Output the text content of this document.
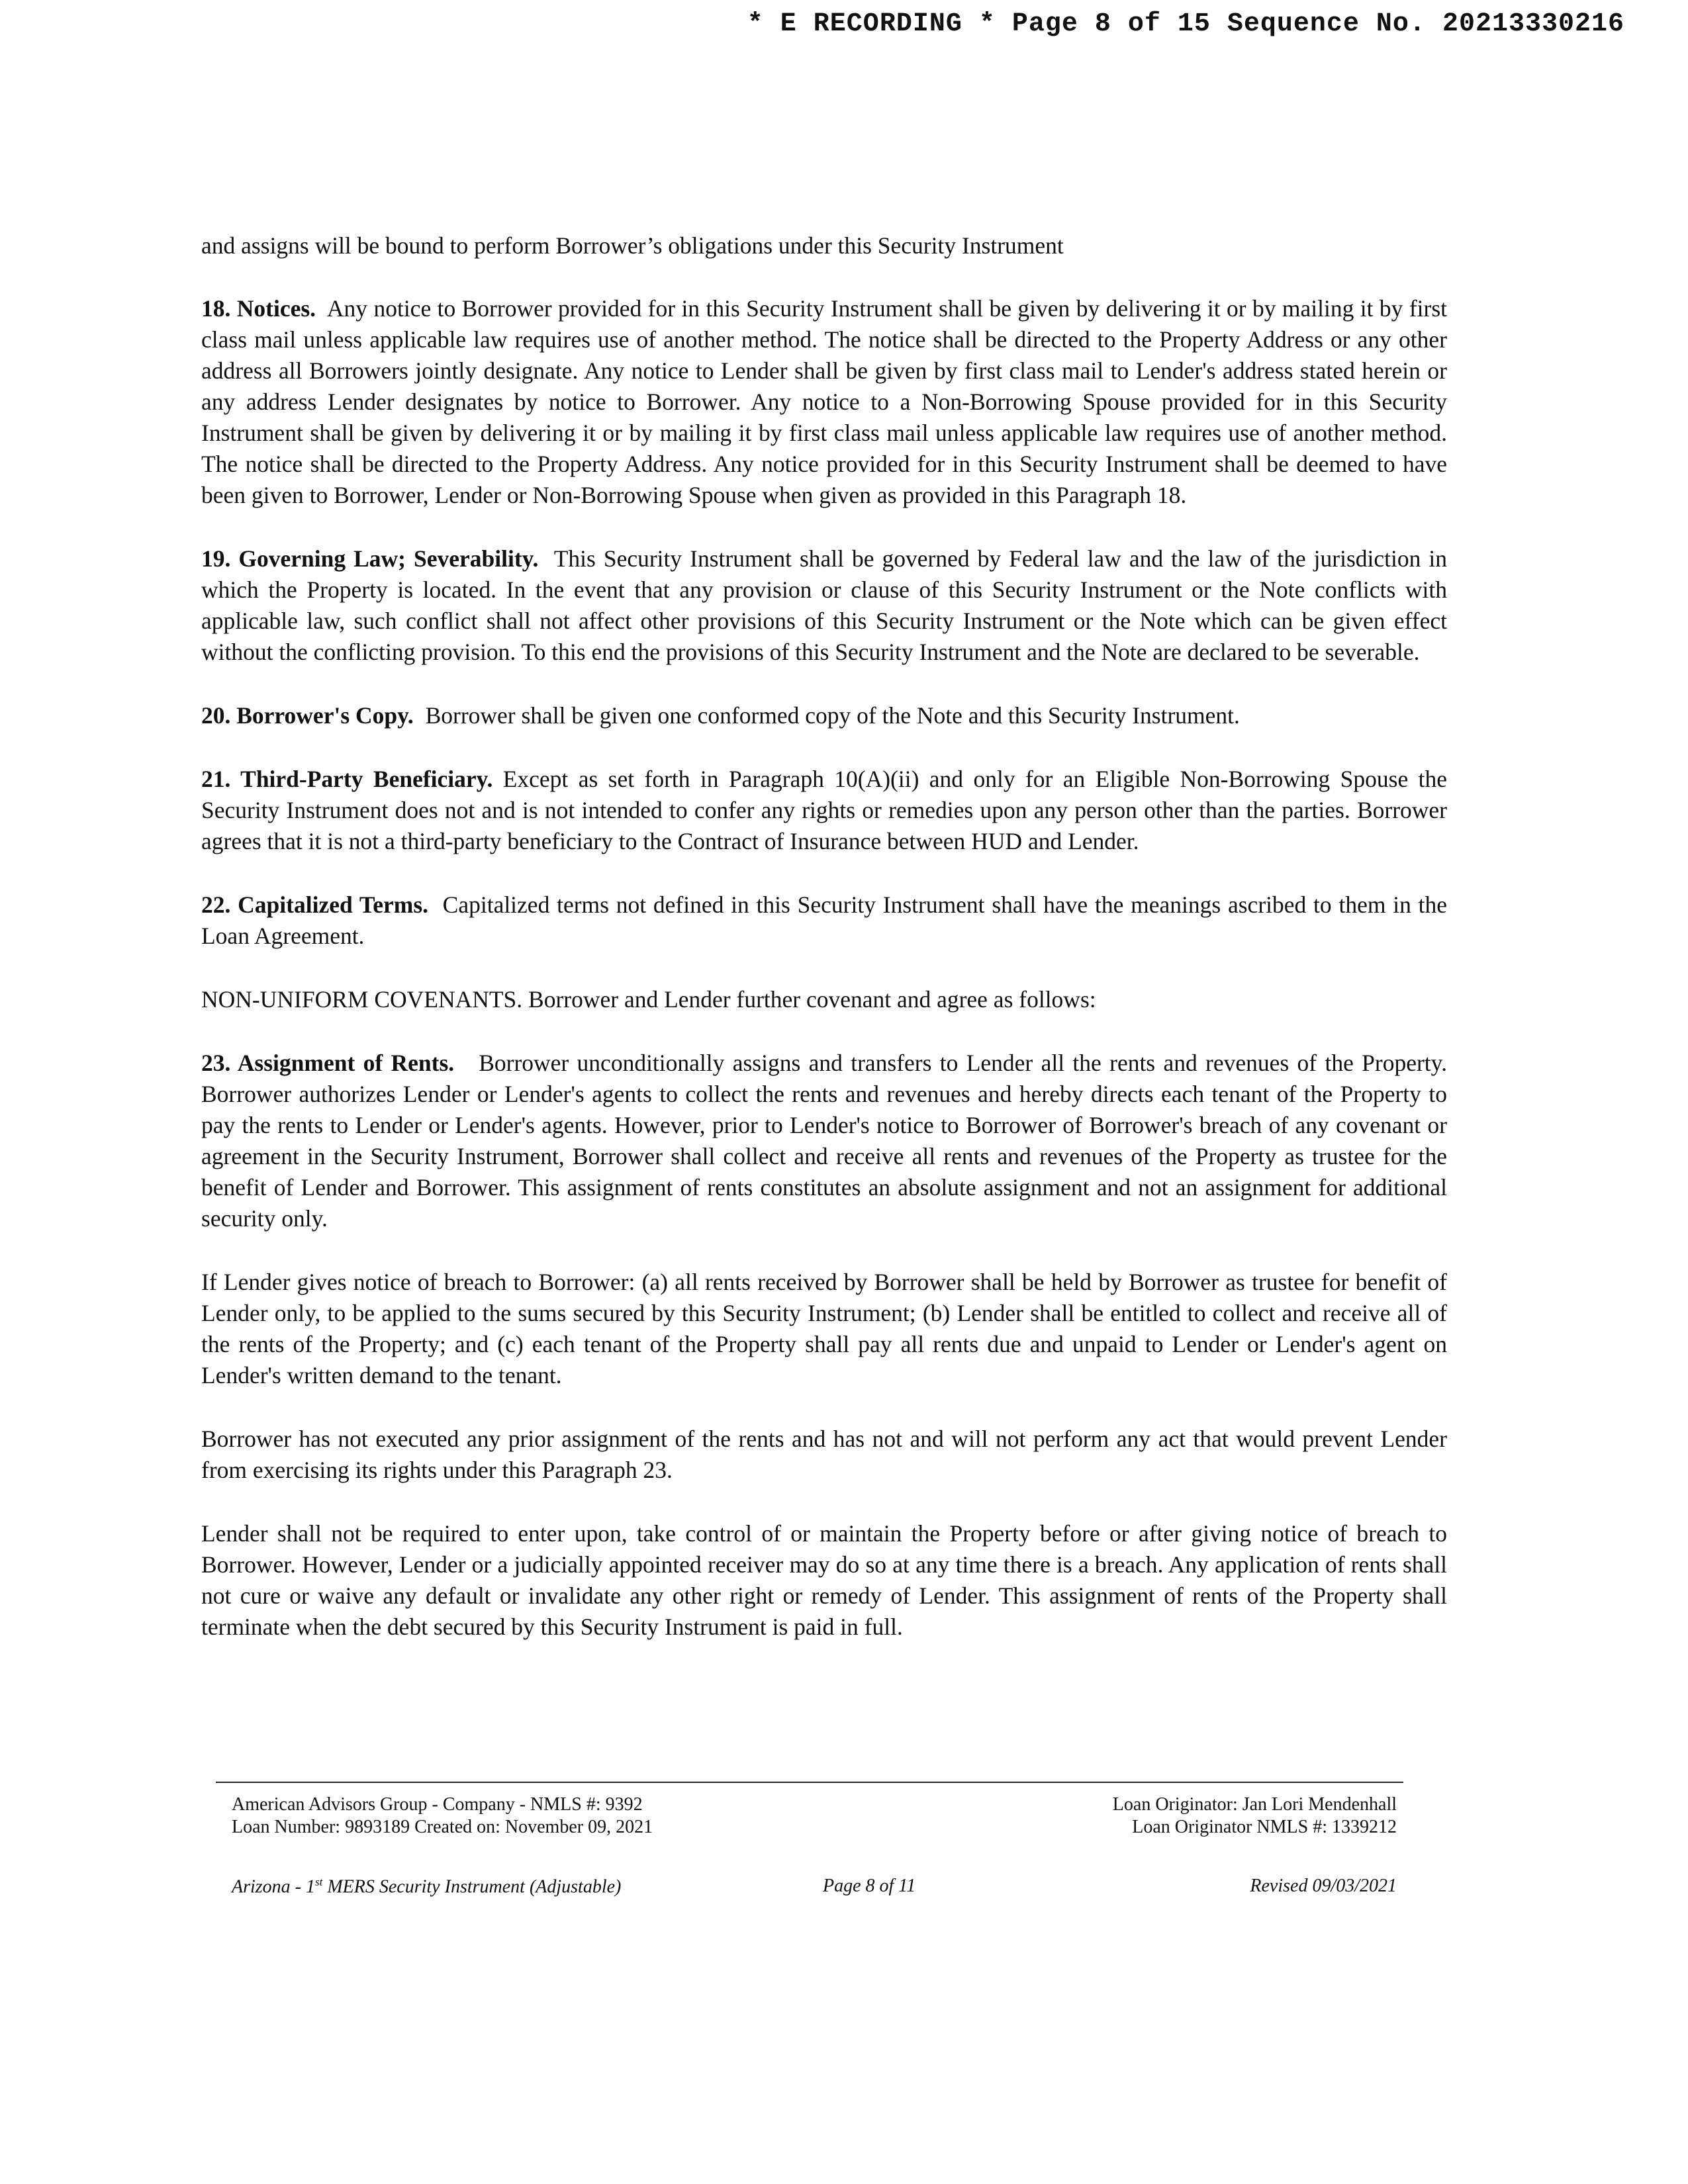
* E RECORDING * Page 8 of 15 Sequence No. 20213330216

and assigns will be bound to perform Borrower’s obligations under this Security Instrument

18. Notices. Any notice to Borrower provided for in this Security Instrument shall be given by delivering it or by mailing it by first class mail unless applicable law requires use of another method. The notice shall be directed to the Property Address or any other address all Borrowers jointly designate. Any notice to Lender shall be given by first class mail to Lender's address stated herein or any address Lender designates by notice to Borrower. Any notice to a Non-Borrowing Spouse provided for in this Security Instrument shall be given by delivering it or by mailing it by first class mail unless applicable law requires use of another method. The notice shall be directed to the Property Address. Any notice provided for in this Security Instrument shall be deemed to have been given to Borrower, Lender or Non-Borrowing Spouse when given as provided in this Paragraph 18.

19. Governing Law; Severability. This Security Instrument shall be governed by Federal law and the law of the jurisdiction in which the Property is located. In the event that any provision or clause of this Security Instrument or the Note conflicts with applicable law, such conflict shall not affect other provisions of this Security Instrument or the Note which can be given effect without the conflicting provision. To this end the provisions of this Security Instrument and the Note are declared to be severable.

20. Borrower's Copy. Borrower shall be given one conformed copy of the Note and this Security Instrument.

21. Third-Party Beneficiary. Except as set forth in Paragraph 10(A)(ii) and only for an Eligible Non-Borrowing Spouse the Security Instrument does not and is not intended to confer any rights or remedies upon any person other than the parties. Borrower agrees that it is not a third-party beneficiary to the Contract of Insurance between HUD and Lender.

22. Capitalized Terms. Capitalized terms not defined in this Security Instrument shall have the meanings ascribed to them in the Loan Agreement.

NON-UNIFORM COVENANTS. Borrower and Lender further covenant and agree as follows:

23. Assignment of Rents. Borrower unconditionally assigns and transfers to Lender all the rents and revenues of the Property. Borrower authorizes Lender or Lender's agents to collect the rents and revenues and hereby directs each tenant of the Property to pay the rents to Lender or Lender's agents. However, prior to Lender's notice to Borrower of Borrower's breach of any covenant or agreement in the Security Instrument, Borrower shall collect and receive all rents and revenues of the Property as trustee for the benefit of Lender and Borrower. This assignment of rents constitutes an absolute assignment and not an assignment for additional security only.

If Lender gives notice of breach to Borrower: (a) all rents received by Borrower shall be held by Borrower as trustee for benefit of Lender only, to be applied to the sums secured by this Security Instrument; (b) Lender shall be entitled to collect and receive all of the rents of the Property; and (c) each tenant of the Property shall pay all rents due and unpaid to Lender or Lender's agent on Lender's written demand to the tenant.

Borrower has not executed any prior assignment of the rents and has not and will not perform any act that would prevent Lender from exercising its rights under this Paragraph 23.

Lender shall not be required to enter upon, take control of or maintain the Property before or after giving notice of breach to Borrower. However, Lender or a judicially appointed receiver may do so at any time there is a breach. Any application of rents shall not cure or waive any default or invalidate any other right or remedy of Lender. This assignment of rents of the Property shall terminate when the debt secured by this Security Instrument is paid in full.

American Advisors Group - Company - NMLS #: 9392	Loan Originator: Jan Lori Mendenhall
Loan Number: 9893189 Created on: November 09, 2021	Loan Originator NMLS #: 1339212
Arizona - 1st MERS Security Instrument (Adjustable)	Page 8 of 11	Revised 09/03/2021
